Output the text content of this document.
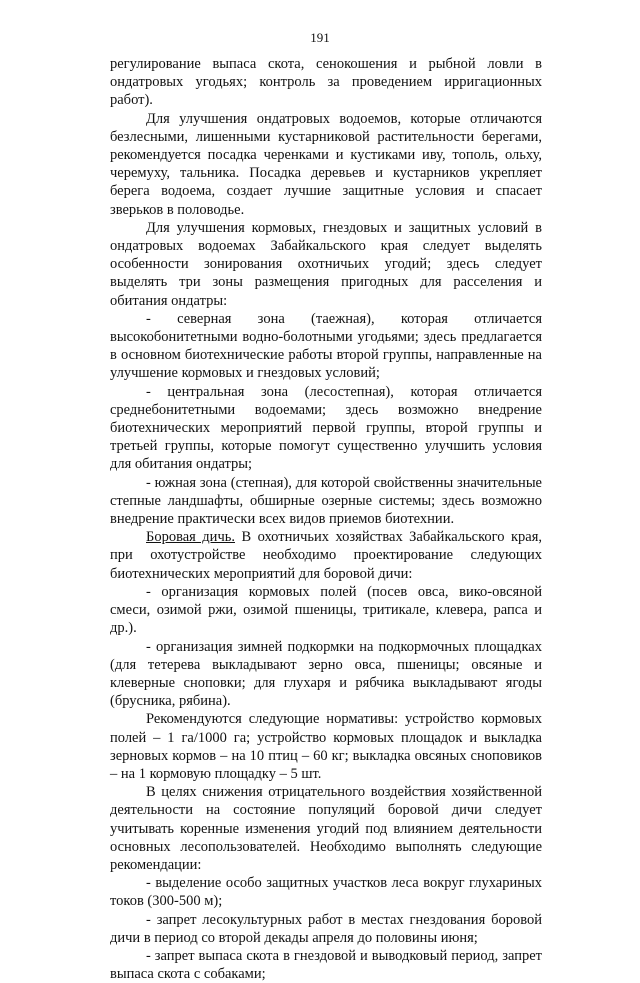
191

регулирование выпаса скота, сенокошения и рыбной ловли в ондатровых угодьях; контроль за проведением ирригационных работ).

Для улучшения ондатровых водоемов, которые отличаются безлесными, лишенными кустарниковой растительности берегами, рекомендуется посадка черенками и кустиками иву, тополь, ольху, черемуху, тальника. Посадка деревьев и кустарников укрепляет берега водоема, создает лучшие защитные условия и спасает зверьков в половодье.

Для улучшения кормовых, гнездовых и защитных условий в ондатровых водоемах Забайкальского края следует выделять особенности зонирования охотничьих угодий; здесь следует выделять три зоны размещения пригодных для расселения и обитания ондатры:

- северная зона (таежная), которая отличается высокобонитетными водно-болотными угодьями; здесь предлагается в основном биотехнические работы второй группы, направленные на улучшение кормовых и гнездовых условий;

- центральная зона (лесостепная), которая отличается среднебонитетными водоемами; здесь возможно внедрение биотехнических мероприятий первой группы, второй группы и третьей группы, которые помогут существенно улучшить условия для обитания ондатры;

- южная зона (степная), для которой свойственны значительные степные ландшафты, обширные озерные системы; здесь возможно внедрение практически всех видов приемов биотехнии.

Боровая дичь. В охотничьих хозяйствах Забайкальского края, при охотустройстве необходимо проектирование следующих биотехнических мероприятий для боровой дичи:

- организация кормовых полей (посев овса, вико-овсяной смеси, озимой ржи, озимой пшеницы, тритикале, клевера, рапса и др.).

- организация зимней подкормки на подкормочных площадках (для тетерева выкладывают зерно овса, пшеницы; овсяные и клеверные сноповки; для глухаря и рябчика выкладывают ягоды (брусника, рябина).

Рекомендуются следующие нормативы: устройство кормовых полей – 1 га/1000 га; устройство кормовых площадок и выкладка зерновых кормов – на 10 птиц – 60 кг; выкладка овсяных сноповиков – на 1 кормовую площадку – 5 шт.

В целях снижения отрицательного воздействия хозяйственной деятельности на состояние популяций боровой дичи следует учитывать коренные изменения угодий под влиянием деятельности основных лесопользователей. Необходимо выполнять следующие рекомендации:

- выделение особо защитных участков леса вокруг глухариных токов (300-500 м);

- запрет лесокультурных работ в местах гнездования боровой дичи в период со второй декады апреля до половины июня;

- запрет выпаса скота в гнездовой и выводковый период, запрет выпаса скота с собаками;
